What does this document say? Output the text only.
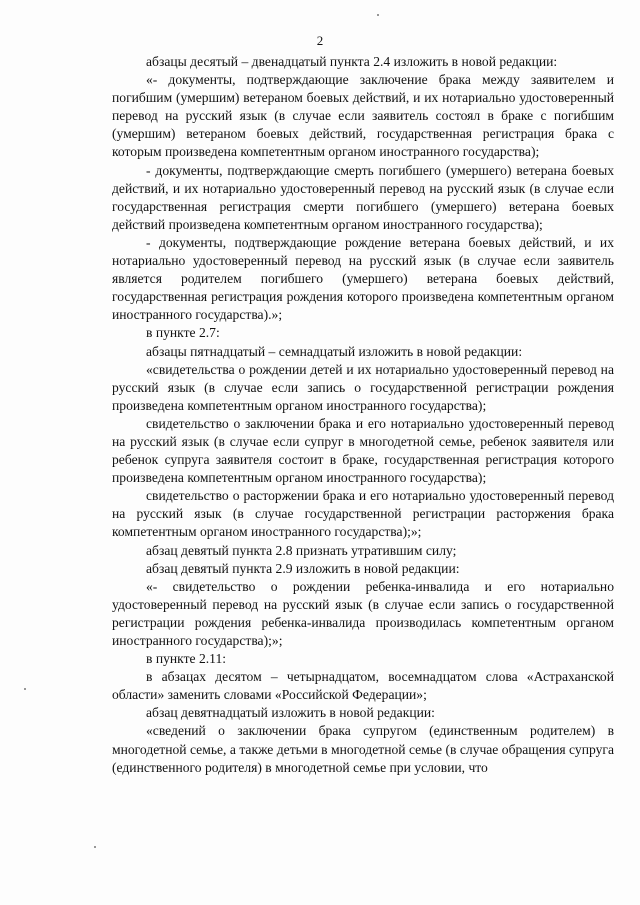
2

абзацы десятый – двенадцатый пункта 2.4 изложить в новой редакции:

«- документы, подтверждающие заключение брака между заявителем и погибшим (умершим) ветераном боевых действий, и их нотариально удостоверенный перевод на русский язык (в случае если заявитель состоял в браке с погибшим (умершим) ветераном боевых действий, государственная регистрация брака с которым произведена компетентным органом иностранного государства);

- документы, подтверждающие смерть погибшего (умершего) ветерана боевых действий, и их нотариально удостоверенный перевод на русский язык (в случае если государственная регистрация смерти погибшего (умершего) ветерана боевых действий произведена компетентным органом иностранного государства);

- документы, подтверждающие рождение ветерана боевых действий, и их нотариально удостоверенный перевод на русский язык (в случае если заявитель является родителем погибшего (умершего) ветерана боевых действий, государственная регистрация рождения которого произведена компетентным органом иностранного государства).»;

в пункте 2.7:

абзацы пятнадцатый – семнадцатый изложить в новой редакции:

«свидетельства о рождении детей и их нотариально удостоверенный перевод на русский язык (в случае если запись о государственной регистрации рождения произведена компетентным органом иностранного государства);

свидетельство о заключении брака и его нотариально удостоверенный перевод на русский язык (в случае если супруг в многодетной семье, ребенок заявителя или ребенок супруга заявителя состоит в браке, государственная регистрация которого произведена компетентным органом иностранного государства);

свидетельство о расторжении брака и его нотариально удостоверенный перевод на русский язык (в случае государственной регистрации расторжения брака компетентным органом иностранного государства);»;

абзац девятый пункта 2.8 признать утратившим силу;

абзац девятый пункта 2.9 изложить в новой редакции:

«- свидетельство о рождении ребенка-инвалида и его нотариально удостоверенный перевод на русский язык (в случае если запись о государственной регистрации рождения ребенка-инвалида производилась компетентным органом иностранного государства);»;

в пункте 2.11:

в абзацах десятом – четырнадцатом, восемнадцатом слова «Астраханской области» заменить словами «Российской Федерации»;

абзац девятнадцатый изложить в новой редакции:

«сведений о заключении брака супругом (единственным родителем) в многодетной семье, а также детьми в многодетной семье (в случае обращения супруга (единственного родителя) в многодетной семье при условии, что
